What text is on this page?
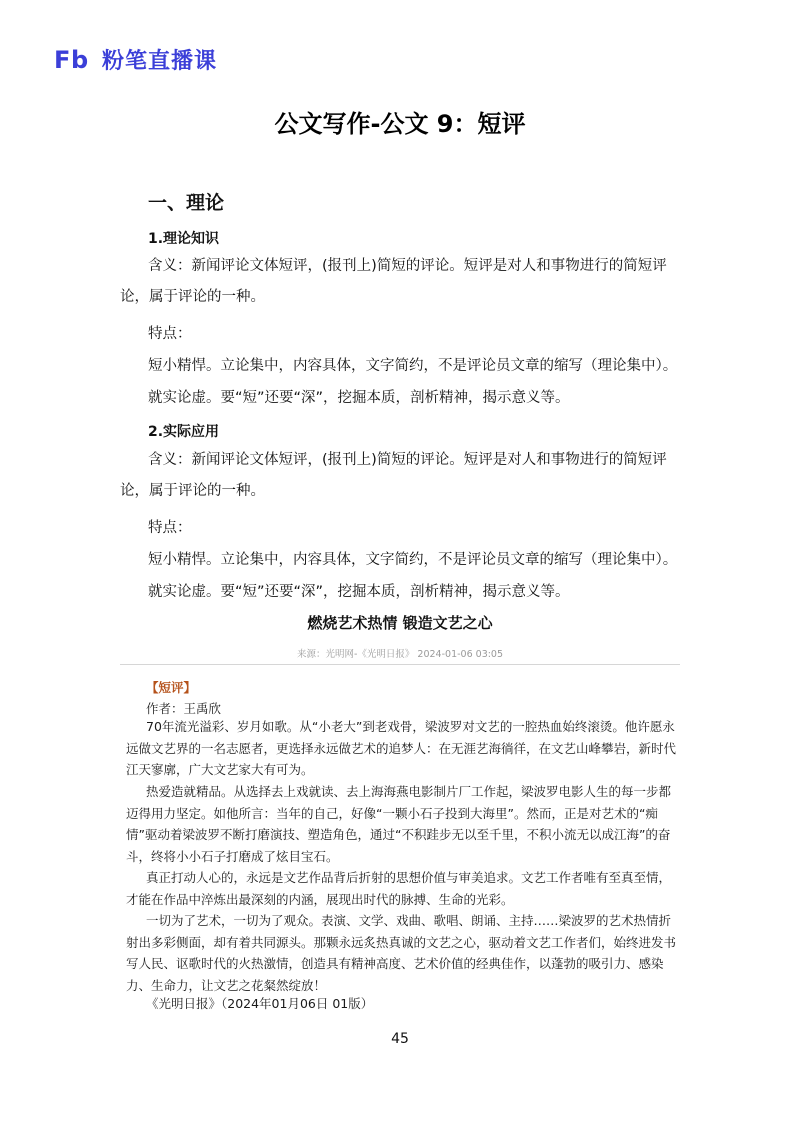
F b 粉笔直播课
公文写作-公文 9：短评
一、理论
1.理论知识
含义：新闻评论文体短评，(报刊上)简短的评论。短评是对人和事物进行的简短评论，属于评论的一种。
特点：
短小精悍。立论集中，内容具体，文字简约，不是评论员文章的缩写（理论集中）。
就实论虚。要“短”还要“深”，挖掘本质，剖析精神，揭示意义等。
2.实际应用
含义：新闻评论文体短评，(报刊上)简短的评论。短评是对人和事物进行的简短评论，属于评论的一种。
特点：
短小精悍。立论集中，内容具体，文字简约，不是评论员文章的缩写（理论集中）。
就实论虚。要“短”还要“深”，挖掘本质，剖析精神，揭示意义等。
燃烧艺术热情 锻造文艺之心
来源：光明网-《光明日报》 2024-01-06 03:05
【短评】
作者：王禹欣
70年流光溢彩、岁月如歌。从“小老大”到老戏骨，梁波罗对文艺的一腔热血始终滚烫。他许愿永远做文艺界的一名志愿者，更选择永远做艺术的追梦人：在无涯艺海徜徉，在文艺山峰攀岩，新时代江天寥廓，广大文艺家大有可为。
热爱造就精品。从选择去上戏就读、去上海海燕电影制片厂工作起，梁波罗电影人生的每一步都迈得用力坚定。如他所言：当年的自己，好像“一颗小石子投到大海里”。然而，正是对艺术的“痴情”驱动着梁波罗不断打磨演技、塑造角色，通过“不积跬步无以至千里，不积小流无以成江海”的奋斗，终将小小石子打磨成了炫目宝石。
真正打动人心的，永远是文艺作品背后折射的思想价值与审美追求。文艺工作者唯有至真至情，才能在作品中淬炼出最深刻的内涵，展现出时代的脉搏、生命的光彩。
一切为了艺术，一切为了观众。表演、文学、戏曲、歌唱、朗诵、主持……梁波罗的艺术热情折射出多彩侧面，却有着共同源头。那颗永远炙热真诚的文艺之心，驱动着文艺工作者们，始终进发书写人民、讴歌时代的火热激情，创造具有精神高度、艺术价值的经典佳作，以蓬勃的吸引力、感染力、生命力，让文艺之花粲然绽放！
《光明日报》（2024年01月06日 01版）
45
